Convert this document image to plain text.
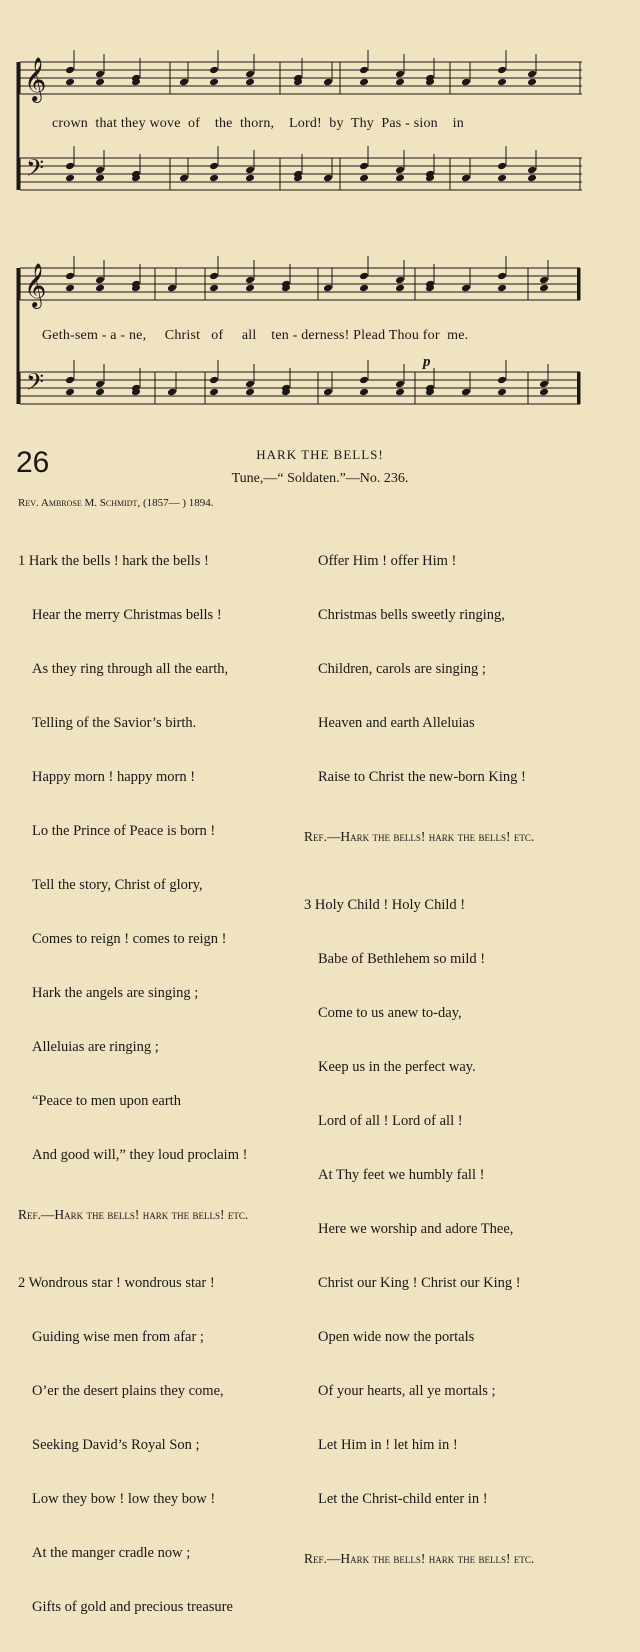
𝄞
𝄢
𝄞
𝄢
crown  that they wove  of    the  thorn,    Lord!  by  Thy  Pas - sion    in
Geth-sem - a - ne,     Christ   of     all    ten - derness! Plead Thou for  me.
p
26	HARK THE BELLS!
Tune,—“ Soldaten.”—No. 236.
Rev. Ambrose M. Schmidt, (1857— ) 1894.

1 Hark the bells ! hark the bells !

Hear the merry Christmas bells !

As they ring through all the earth,

Telling of the Savior’s birth.

Happy morn ! happy morn !

Lo the Prince of Peace is born !

Tell the story, Christ of glory,

Comes to reign ! comes to reign !

Hark the angels are singing ;

Alleluias are ringing ;

“Peace to men upon earth

And good will,” they loud proclaim !

Ref.—Hark the bells! hark the bells! etc.

2 Wondrous star ! wondrous star !

Guiding wise men from afar ;

O’er the desert plains they come,

Seeking David’s Royal Son ;

Low they bow ! low they bow !

At the manger cradle now ;

Gifts of gold and precious treasure

Offer Him ! offer Him !

Christmas bells sweetly ringing,

Children, carols are singing ;

Heaven and earth Alleluias

Raise to Christ the new-born King !

Ref.—Hark the bells! hark the bells! etc.

3 Holy Child ! Holy Child !

Babe of Bethlehem so mild !

Come to us anew to-day,

Keep us in the perfect way.

Lord of all ! Lord of all !

At Thy feet we humbly fall !

Here we worship and adore Thee,

Christ our King ! Christ our King !

Open wide now the portals

Of your hearts, all ye mortals ;

Let Him in ! let him in !

Let the Christ-child enter in !

Ref.—Hark the bells! hark the bells! etc.
